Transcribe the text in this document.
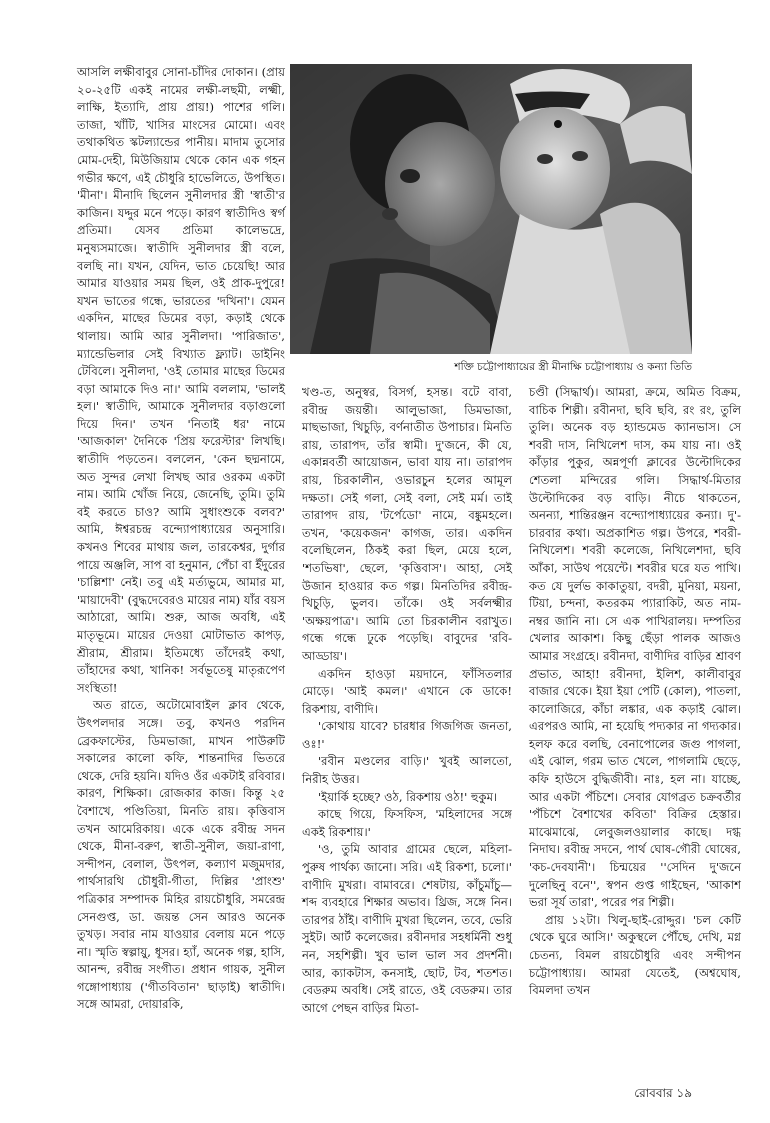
আসলি লক্ষীবাবুর সোনা-চাঁদির দোকান। (প্রায় ২০-২৫টি একই নামের লক্ষী-লছমী, লক্ষ্মী, লাক্ষি, ইত্যাদি, প্রায় প্রায়!) পাশের গলি। তাজা, খাঁটি, খাসির মাংসের মোমো। এবং তথাকথিত স্কটল্যান্ডের পানীয়। মাদাম তুসোর মোম-দেহী, মিউজিয়াম থেকে কোন এক গহন গভীর ক্ষণে, এই চৌধুরি হাভেলিতে, উপস্থিত। 'মীনা'। মীনাদি ছিলেন সুনীলদার স্ত্রী 'স্বাতী'র কাজিন। যদ্দুর মনে পড়ে। কারণ স্বাতীদিও স্বর্গ প্রতিমা। যেসব প্রতিমা কালেভদ্রে, মনুষ্যসমাজে। স্বাতীদি সুনীলদার স্ত্রী বলে, বলছি না। যখন, যেদিন, ভাত চেয়েছি! আর আমার যাওয়ার সময় ছিল, ওই প্রাক-দুপুরে! যখন ভাতের গন্ধে, ভারতের 'দখিনা'। যেমন একদিন, মাছের ডিমের বড়া, কড়াই থেকে থালায়। আমি আর সুনীলদা। 'পারিজাত', ম্যান্ডেভিলার সেই বিখ্যাত ফ্ল্যাট। ডাইনিং টেবিলে। সুনীলদা, 'ওই তোমার মাছের ডিমের বড়া আমাকে দিও না।' আমি বললাম, 'ভালই হল।' স্বাতীদি, আমাকে সুনীলদার বড়াগুলো দিয়ে দিন।' তখন 'নিতাই ধর' নামে 'আজকাল' দৈনিকে 'প্রিয় ফরেস্টার' লিখছি। স্বাতীদি পড়তেন। বললেন, 'কেন ছদ্মনামে, অত সুন্দর লেখা লিখছ আর ওরকম একটা নাম। আমি খোঁজ নিয়ে, জেনেছি, তুমি। তুমি বই করতে চাও? আমি সুধাংশুকে বলব?' আমি, ঈশ্বরচন্দ্র বন্দ্যোপাধ্যায়ের অনুসারি। কখনও শিবের মাথায় জল, তারকেশ্বর, দুর্গার পায়ে অঞ্জলি, সাপ বা হনুমান, পেঁচা বা ইঁদুরের 'চাল্লিশা' নেই। তবু এই মর্ত্যভুমে, আমার মা, 'মায়াদেবী' (বুদ্ধদেবেরও মায়ের নাম) যাঁর বয়স আঠারো, আমি। শুরু, আজ অবধি, এই মাতৃভূমে। মায়ের দেওয়া মোটাভাত কাপড়, শ্রীরাম, শ্রীরাম। ইতিমধ্যে তাঁদেরই কথা, তাঁহাদের কথা, খানিক! সর্বভূতেষু মাতৃরূপেণ সংস্থিতা!

অত রাতে, অটোমোবাইল ক্লাব থেকে, উৎপলদার সঙ্গে। তবু, কখনও পরদিন ব্রেকফাস্টের, ডিমভাজা, মাখন পাউরুটি সকালের কালো কফি, শান্তনাদির ভিতরে থেকে, দেরি হয়নি। যদিও ওঁর একটাই রবিবার। কারণ, শিক্ষিকা। রোজকার কাজ। কিন্তু ২৫ বৈশাখে, পণ্ডিতিয়া, মিনতি রায়। কৃত্তিবাস তখন আমেরিকায়। একে একে রবীন্দ্র সদন থেকে, মীনা-বরুণ, স্বাতী-সুনীল, জয়া-রাণা, সন্দীপন, বেলাল, উৎপল, কল্যাণ মজুমদার, পার্থসারথি চৌধুরী-গীতা, দিল্লির 'প্রাংশু' পত্রিকার সম্পাদক মিহির রায়চৌধুরি, সমরেন্দ্র সেনগুপ্ত, ডা. জয়ন্ত সেন আরও অনেক তুখড়। সবার নাম যাওয়ার বেলায় মনে পড়ে না। স্মৃতি স্বল্পায়ু, ধূসর। হ্যাঁ, অনেক গল্প, হাসি, আনন্দ, রবীন্দ্র সংগীত। প্রধান গায়ক, সুনীল গঙ্গোপাধ্যায় ('গীতবিতান' ছাড়াই) স্বাতীদি। সঙ্গে আমরা, দোয়ারকি,

শক্তি চট্টোপাধ্যায়ের স্ত্রী মীনাক্ষি চট্টোপাধ্যায় ও কন্যা তিতি

খণ্ড-ত, অনুস্বর, বিসর্গ, হসন্ত। বটে বাবা, রবীন্দ্র জয়ন্তী। আলুভাজা, ডিমভাজা, মাছভাজা, খিচুড়ি, বর্ণনাতীত উপাচার। মিনতি রায়, তারাপদ, তাঁর স্বামী। দু'জনে, কী যে, একান্নবর্তী আয়োজন, ভাবা যায় না। তারাপদ রায়, চিরকালীন, ওভারচুন হলের আমূল দক্ষতা। সেই গলা, সেই বলা, সেই মর্ম। তাই তারাপদ রায়, 'টর্পেডো' নামে, বঙ্কুমহলে। তখন, 'কয়েকজন' কাগজ, তার। একদিন বলেছিলেন, ঠিকই করা ছিল, মেয়ে হলে, 'শতভিষা', ছেলে, 'কৃত্তিবাস'। আহা, সেই উজান হাওয়ার কত গল্প। মিনতিদির রবীন্দ্র-খিচুড়ি, ভুলব। তাঁকে। ওই সর্বলক্ষ্মীর 'অক্ষয়পাত্র'। আমি তো চিরকালীন বরাখুত। গন্ধে গন্ধে ঢুকে পড়েছি। বাবুদের 'রবি-আড্ডায়'।

একদিন হাওড়া ময়দানে, ফাঁসিতলার মোড়ে। 'আই কমল।' এখানে কে ডাকে! রিকশায়, বাণীদি।

'কোথায় যাবে? চারধার গিজগিজ জনতা, ওঃ!'

'রবীন মণ্ডলের বাড়ি।' খুবই আলতো, নিরীহ উত্তর।

'ইয়ার্কি হচ্ছে? ওঠ, রিকশায় ওঠ!' হুকুম।

কাছে গিয়ে, ফিসফিস, 'মহিলাদের সঙ্গে একই রিকশায়।'

'ও, তুমি আবার গ্রামের ছেলে, মহিলা-পুরুষ পার্থক্য জানো। সরি। এই রিকশা, চলো।' বাণীদি মুখরা। বামাবরে। শেষটায়, কাঁচুমাঁচু— শব্দ ব্যবহারে শিক্ষার অভাব। থ্রিজ, সঙ্গে নিন। তারপর ঠাঁই। বাণীদি মুখরা ছিলেন, তবে, ভেরি সুইট। আর্ট কলেজের। রবীনদার সহধর্মিনী শুধু নন, সহশিল্পী। খুব ভাল ভাল সব প্রদর্শনী। আর, ক্যাকটাস, কনসাই, ছোট, টব, শতশত। বেডরুম অবধি। সেই রাতে, ওই বেডরুম। তার আগে পেছন বাড়ির মিতা-

চণ্ডী (সিদ্ধার্থ)। আমরা, ক্রমে, অমিত বিক্রম, বাচিক শিল্পী। রবীনদা, ছবি ছবি, রং রং, তুলি তুলি। অনেক বড় হ্যান্ডমেড ক্যানভাস। সে শবরী দাস, নিখিলেশ দাস, কম যায় না। ওই কাঁড়ার পুকুর, অন্নপূর্ণা ক্লাবের উল্টোদিকের শেতলা মন্দিরের গলি। সিদ্ধার্থ-মিতার উল্টোদিকের বড় বাড়ি। নীচে থাকতেন, অনন্যা, শান্তিরঞ্জন বন্দ্যোপাধ্যায়ের কন্যা। দু'-চারবার কথা। অপ্রকাশিত গল্প। উপরে, শবরী-নিখিলেশ। শবরী কলেজে, নিখিলেশদা, ছবি আঁকা, সাউথ পয়েন্টে। শবরীর ঘরে যত পাখি। কত যে দুর্লভ কাকাতুয়া, বদরী, মুনিয়া, ময়না, টিয়া, চন্দনা, কতরকম প্যারাকিট, অত নাম-নম্বর জানি না। সে এক পাখিরালয়। দম্পতির খেলার আকাশ। কিছু ছেঁড়া পালক আজও আমার সংগ্রহে। রবীনদা, বাণীদির বাড়ির শ্রাবণ প্রভাত, আহা! রবীনদা, ইলিশ, কালীবাবুর বাজার থেকে। ইয়া ইয়া পেটি (কোল), পাতলা, কালোজিরে, কাঁচা লঙ্কার, এক কড়াই ঝোল। এরপরও আমি, না হয়েছি পদ্যকার না গদ্যকার। হলফ করে বলছি, বেনাপোলের জগু পাগলা, এই ঝোল, গরম ভাত খেলে, পাগলামি ছেড়ে, কফি হাউসে বুদ্ধিজীবী। নাঃ, হল না। যাচ্ছে, আর একটা পঁচিশে। সেবার যোগব্রত চক্রবর্তীর 'পঁচিশে বৈশাখের কবিতা' বিক্রির হেস্তার। মাঝেমাঝে, লেবুজলওয়ালার কাছে। দগ্ধ নিদাঘ। রবীন্দ্র সদনে, পার্থ ঘোষ-গৌরী ঘোষের, 'কচ-দেবযানী'। চিন্ময়ের ''সেদিন দু'জনে দুলেছিনু বনে'', স্বপন গুপ্ত গাইছেন, 'আকাশ ভরা সূর্য তারা', পরের পর শিল্পী।

প্রায় ১২টা। খিলু-ছাই-রোদ্দুর। 'চল কেটি থেকে ঘুরে আসি।' অকুস্থলে পৌঁছে, দেখি, মগ্ন চেতন্য, বিমল রায়চৌধুরি এবং সন্দীপন চট্টোপাধ্যায়। আমরা যেতেই, (অশ্বঘোষ, বিমলদা তখন

রোববার ১৯
